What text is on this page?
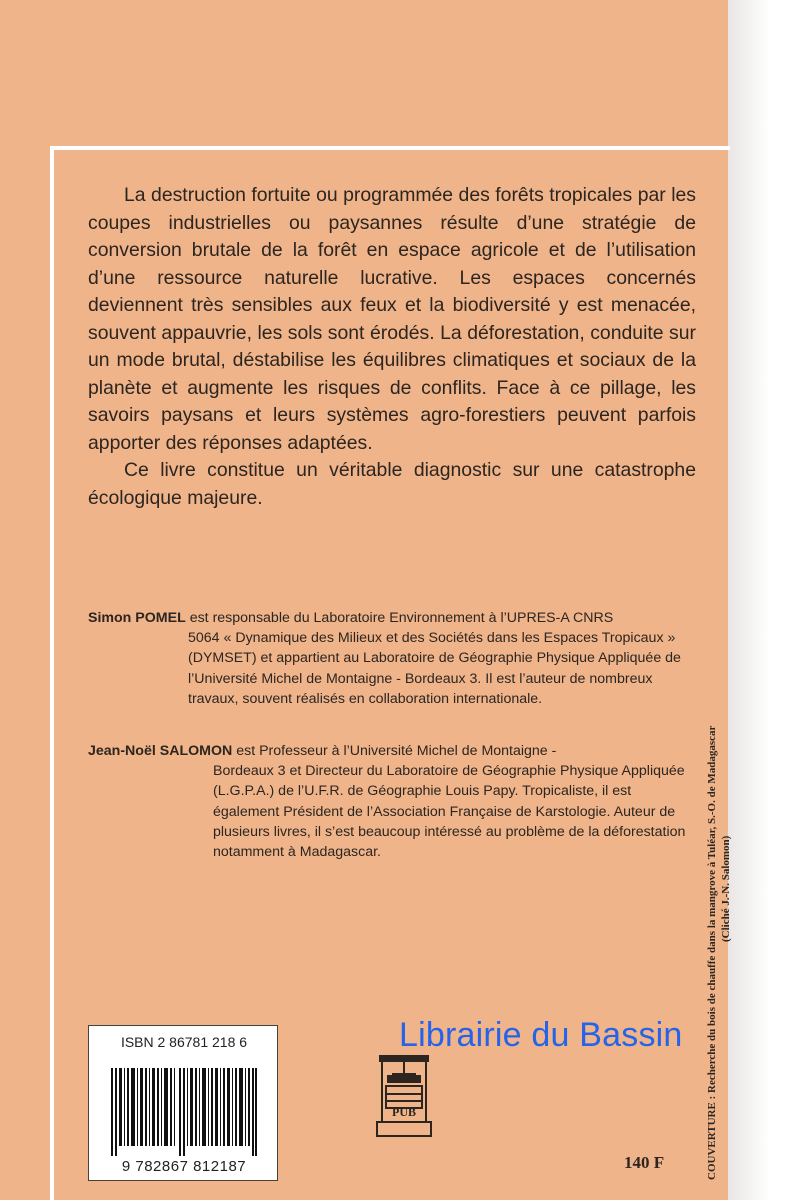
La destruction fortuite ou programmée des forêts tropicales par les coupes industrielles ou paysannes résulte d’une stratégie de conversion brutale de la forêt en espace agricole et de l’utilisation d’une ressource naturelle lucrative. Les espaces concernés deviennent très sensibles aux feux et la biodiversité y est menacée, souvent appauvrie, les sols sont érodés. La déforestation, conduite sur un mode brutal, déstabilise les équilibres climatiques et sociaux de la planète et augmente les risques de conflits. Face à ce pillage, les savoirs paysans et leurs systèmes agro-forestiers peuvent parfois apporter des réponses adaptées.

Ce livre constitue un véritable diagnostic sur une catastrophe écologique majeure.

Simon POMEL est responsable du Laboratoire Environnement à l’UPRES-A CNRS
5064 « Dynamique des Milieux et des Sociétés dans les Espaces Tropicaux » (DYMSET) et appartient au Laboratoire de Géographie Physique Appliquée de l’Université Michel de Montaigne - Bordeaux 3. Il est l’auteur de nombreux travaux, souvent réalisés en collaboration internationale.
Jean-Noël SALOMON est Professeur à l’Université Michel de Montaigne -
Bordeaux 3 et Directeur du Laboratoire de Géographie Physique Appliquée (L.G.P.A.) de l’U.F.R. de Géographie Louis Papy. Tropicaliste, il est également Président de l’Association Française de Karstologie. Auteur de plusieurs livres, il s’est beaucoup intéressé au problème de la déforestation notamment à Madagascar.
ISBN 2 86781 218 6
9 782867 812187
Librairie du Bassin
PUB
140 F	COUVERTURE : Recherche du bois de chauffe dans la mangrove à Tuléar, S.-O. de Madagascar (Cliché J.-N. Salomon)
